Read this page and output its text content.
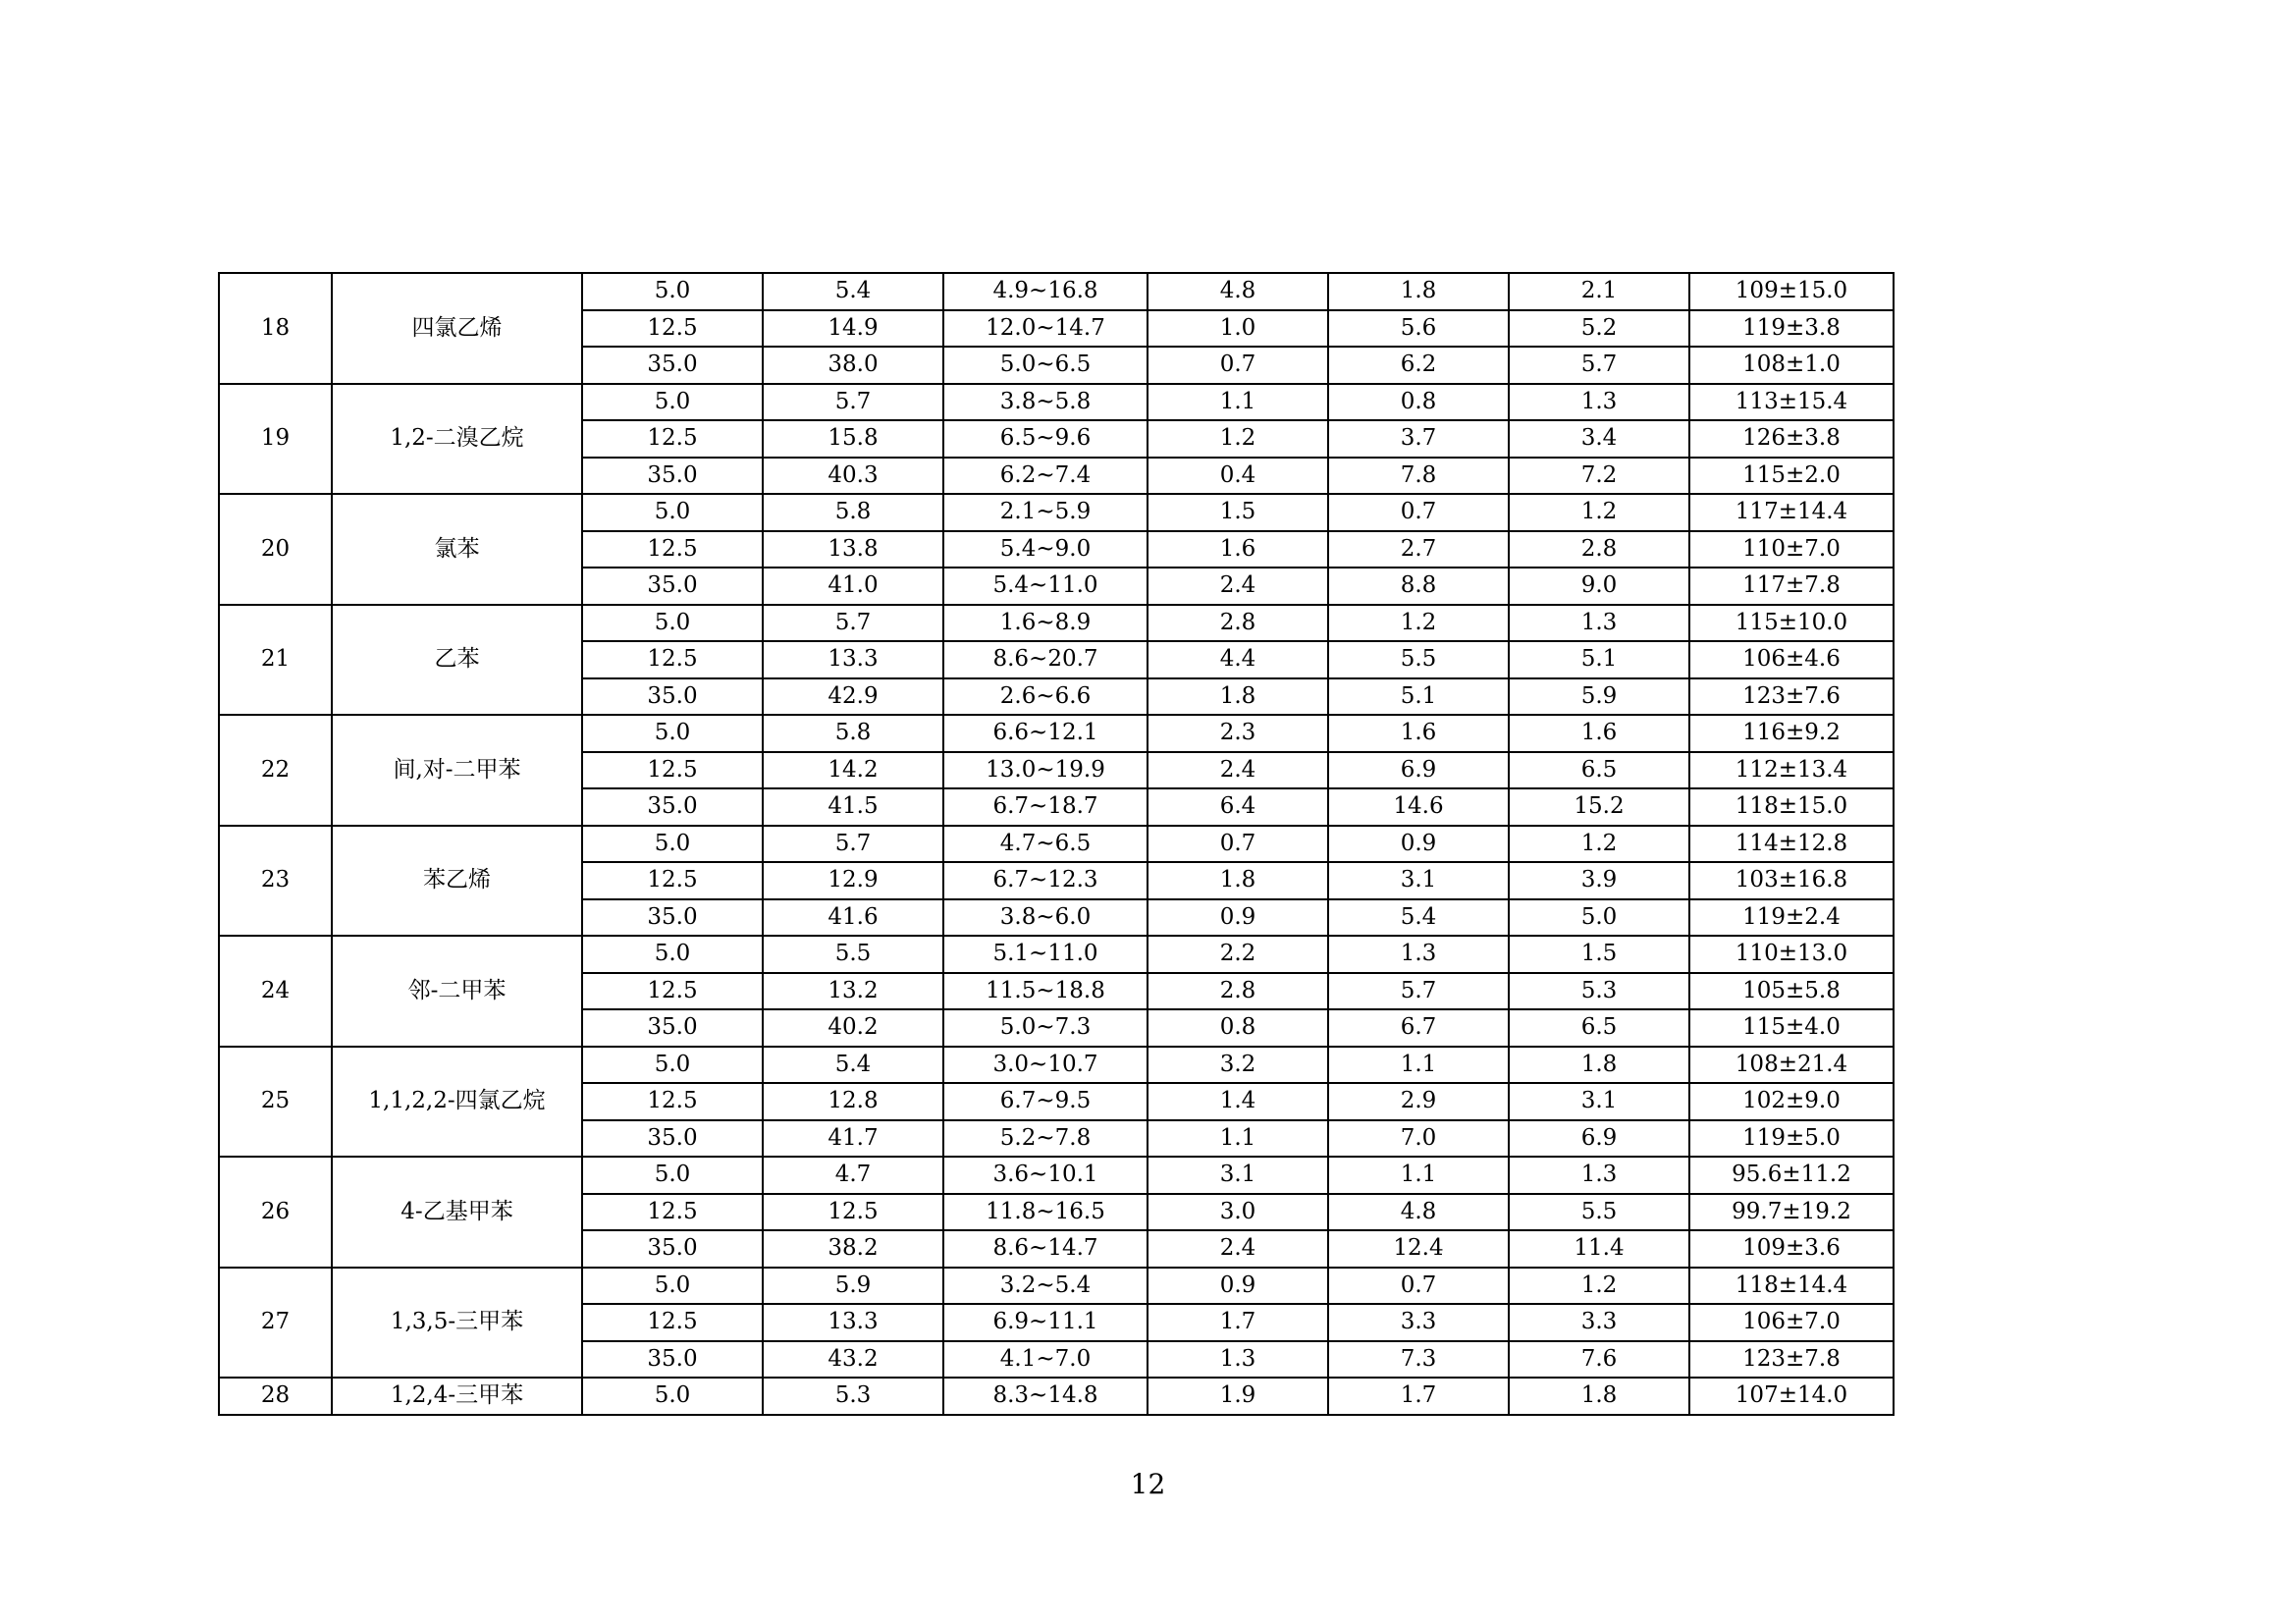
18	四氯乙烯	5.0	5.4	4.9~16.8	4.8	1.8	2.1	109±15.0
		12.5	14.9	12.0~14.7	1.0	5.6	5.2	119±3.8
		35.0	38.0	5.0~6.5	0.7	6.2	5.7	108±1.0
19	1,2-二溴乙烷	5.0	5.7	3.8~5.8	1.1	0.8	1.3	113±15.4
		12.5	15.8	6.5~9.6	1.2	3.7	3.4	126±3.8
		35.0	40.3	6.2~7.4	0.4	7.8	7.2	115±2.0
20	氯苯	5.0	5.8	2.1~5.9	1.5	0.7	1.2	117±14.4
		12.5	13.8	5.4~9.0	1.6	2.7	2.8	110±7.0
		35.0	41.0	5.4~11.0	2.4	8.8	9.0	117±7.8
21	乙苯	5.0	5.7	1.6~8.9	2.8	1.2	1.3	115±10.0
		12.5	13.3	8.6~20.7	4.4	5.5	5.1	106±4.6
		35.0	42.9	2.6~6.6	1.8	5.1	5.9	123±7.6
22	间,对-二甲苯	5.0	5.8	6.6~12.1	2.3	1.6	1.6	116±9.2
		12.5	14.2	13.0~19.9	2.4	6.9	6.5	112±13.4
		35.0	41.5	6.7~18.7	6.4	14.6	15.2	118±15.0
23	苯乙烯	5.0	5.7	4.7~6.5	0.7	0.9	1.2	114±12.8
		12.5	12.9	6.7~12.3	1.8	3.1	3.9	103±16.8
		35.0	41.6	3.8~6.0	0.9	5.4	5.0	119±2.4
24	邻-二甲苯	5.0	5.5	5.1~11.0	2.2	1.3	1.5	110±13.0
		12.5	13.2	11.5~18.8	2.8	5.7	5.3	105±5.8
		35.0	40.2	5.0~7.3	0.8	6.7	6.5	115±4.0
25	1,1,2,2-四氯乙烷	5.0	5.4	3.0~10.7	3.2	1.1	1.8	108±21.4
		12.5	12.8	6.7~9.5	1.4	2.9	3.1	102±9.0
		35.0	41.7	5.2~7.8	1.1	7.0	6.9	119±5.0
26	4-乙基甲苯	5.0	4.7	3.6~10.1	3.1	1.1	1.3	95.6±11.2
		12.5	12.5	11.8~16.5	3.0	4.8	5.5	99.7±19.2
		35.0	38.2	8.6~14.7	2.4	12.4	11.4	109±3.6
27	1,3,5-三甲苯	5.0	5.9	3.2~5.4	0.9	0.7	1.2	118±14.4
		12.5	13.3	6.9~11.1	1.7	3.3	3.3	106±7.0
		35.0	43.2	4.1~7.0	1.3	7.3	7.6	123±7.8
28	1,2,4-三甲苯	5.0	5.3	8.3~14.8	1.9	1.7	1.8	107±14.0
12
